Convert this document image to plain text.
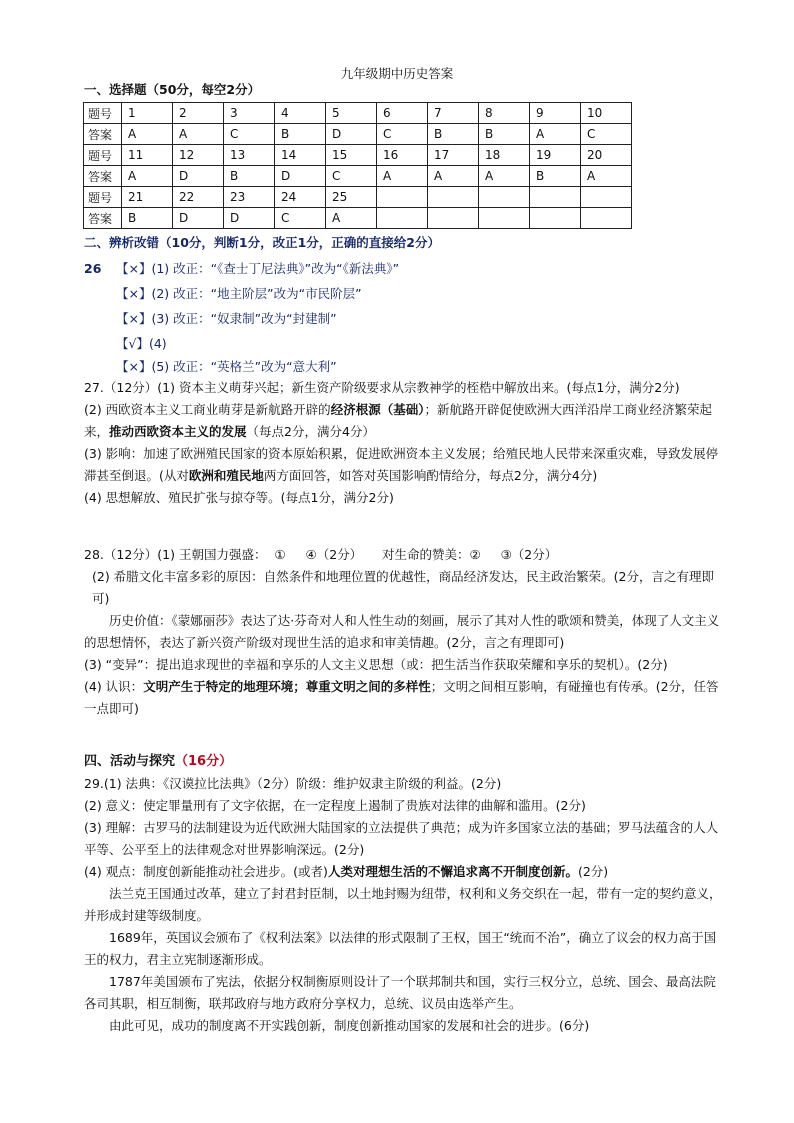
九年级期中历史答案
一、选择题（50分，每空2分）
题号	1	2	3	4	5	6	7	8	9	10
答案	A	A	C	B	D	C	B	B	A	C
题号	11	12	13	14	15	16	17	18	19	20
答案	A	D	B	D	C	A	A	A	B	A
题号	21	22	23	24	25					
答案	B	D	D	C	A					
二、辨析改错（10分，判断1分，改正1分，正确的直接给2分）
26 【×】(1) 改正：“《查士丁尼法典》”改为“《新法典》”
【×】(2) 改正：“地主阶层”改为“市民阶层”
【×】(3) 改正：“奴隶制”改为“封建制”
【√】(4)
【×】(5) 改正：“英格兰”改为“意大利”

27.（12分）(1) 资本主义萌芽兴起；新生资产阶级要求从宗教神学的桎梏中解放出来。(每点1分，满分2分)

(2) 西欧资本主义工商业萌芽是新航路开辟的经济根源（基础）；新航路开辟促使欧洲大西洋沿岸工商业经济繁荣起来，推动西欧资本主义的发展（每点2分，满分4分）

(3) 影响：加速了欧洲殖民国家的资本原始积累，促进欧洲资本主义发展；给殖民地人民带来深重灾难，导致发展停滞甚至倒退。(从对欧洲和殖民地两方面回答，如答对英国影响酌情给分，每点2分，满分4分)

(4) 思想解放、殖民扩张与掠夺等。(每点1分，满分2分)

28.（12分）(1) 王朝国力强盛：  ①     ④（2分）     对生命的赞美：②     ③（2分）

(2) 希腊文化丰富多彩的原因：自然条件和地理位置的优越性，商品经济发达，民主政治繁荣。(2分，言之有理即可)

历史价值：《蒙娜丽莎》表达了达·芬奇对人和人性生动的刻画，展示了其对人性的歌颂和赞美，体现了人文主义的思想情怀，表达了新兴资产阶级对现世生活的追求和审美情趣。(2分，言之有理即可)

(3) “变异”：提出追求现世的幸福和享乐的人文主义思想（或：把生活当作获取荣耀和享乐的契机）。(2分)

(4) 认识：文明产生于特定的地理环境；尊重文明之间的多样性；文明之间相互影响，有碰撞也有传承。(2分，任答一点即可)

四、活动与探究（16分）

29.(1) 法典：《汉谟拉比法典》（2分）阶级：维护奴隶主阶级的利益。(2分)

(2) 意义：使定罪量刑有了文字依据，在一定程度上遏制了贵族对法律的曲解和滥用。(2分)

(3) 理解：古罗马的法制建设为近代欧洲大陆国家的立法提供了典范；成为许多国家立法的基础；罗马法蕴含的人人平等、公平至上的法律观念对世界影响深远。(2分)

(4) 观点：制度创新能推动社会进步。(或者)人类对理想生活的不懈追求离不开制度创新。(2分)

法兰克王国通过改革，建立了封君封臣制，以土地封赐为纽带，权利和义务交织在一起，带有一定的契约意义，并形成封建等级制度。

1689年，英国议会颁布了《权利法案》以法律的形式限制了王权，国王“统而不治”，确立了议会的权力高于国王的权力，君主立宪制逐渐形成。

1787年美国颁布了宪法，依据分权制衡原则设计了一个联邦制共和国，实行三权分立，总统、国会、最高法院各司其职，相互制衡，联邦政府与地方政府分享权力，总统、议员由选举产生。

由此可见，成功的制度离不开实践创新，制度创新推动国家的发展和社会的进步。(6分)
